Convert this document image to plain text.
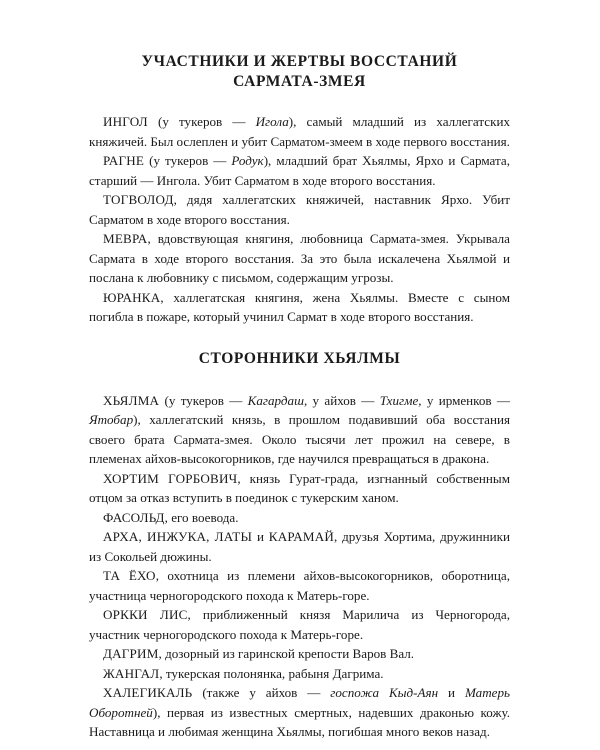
УЧАСТНИКИ И ЖЕРТВЫ ВОССТАНИЙ
САРМАТА-ЗМЕЯ

ИНГОЛ (у тукеров — Игола), самый младший из халлегатских княжичей. Был ослеплен и убит Сарматом-змеем в ходе первого восстания.

РАГНЕ (у тукеров — Родук), младший брат Хьялмы, Ярхо и Сармата, старший — Ингола. Убит Сарматом в ходе второго восстания.

ТОГВОЛОД, дядя халлегатских княжичей, наставник Ярхо. Убит Сарматом в ходе второго восстания.

МЕВРА, вдовствующая княгиня, любовница Сармата-змея. Укрывала Сармата в ходе второго восстания. За это была искалечена Хьялмой и послана к любовнику с письмом, содержащим угрозы.

ЮРАНКА, халлегатская княгиня, жена Хьялмы. Вместе с сыном погибла в пожаре, который учинил Сармат в ходе второго восстания.

СТОРОННИКИ ХЬЯЛМЫ

ХЬЯЛМА (у тукеров — Кагардаш, у айхов — Тхигме, у ирменков — Ятобар), халлегатский князь, в прошлом подавивший оба восстания своего брата Сармата-змея. Около тысячи лет прожил на севере, в племенах айхов-высокогорников, где научился превращаться в дракона.

ХОРТИМ ГОРБОВИЧ, князь Гурат-града, изгнанный собственным отцом за отказ вступить в поединок с тукерским ханом.

ФАСОЛЬД, его воевода.

АРХА, ИНЖУКА, ЛАТЫ и КАРАМАЙ, друзья Хортима, дружинники из Сокольей дюжины.

ТА ЁХО, охотница из племени айхов-высокогорников, оборотница, участница черногородского похода к Матерь-горе.

ОРККИ ЛИС, приближенный князя Марилича из Черногорода, участник черногородского похода к Матерь-горе.

ДАГРИМ, дозорный из гаринской крепости Варов Вал.

ЖАНГАЛ, тукерская полонянка, рабыня Дагрима.

ХАЛЕГИКАЛЬ (также у айхов — госпожа Кыд-Аян и Матерь Оборотней), первая из известных смертных, надевших драконью кожу. Наставница и любимая женщина Хьялмы, погибшая много веков назад.
